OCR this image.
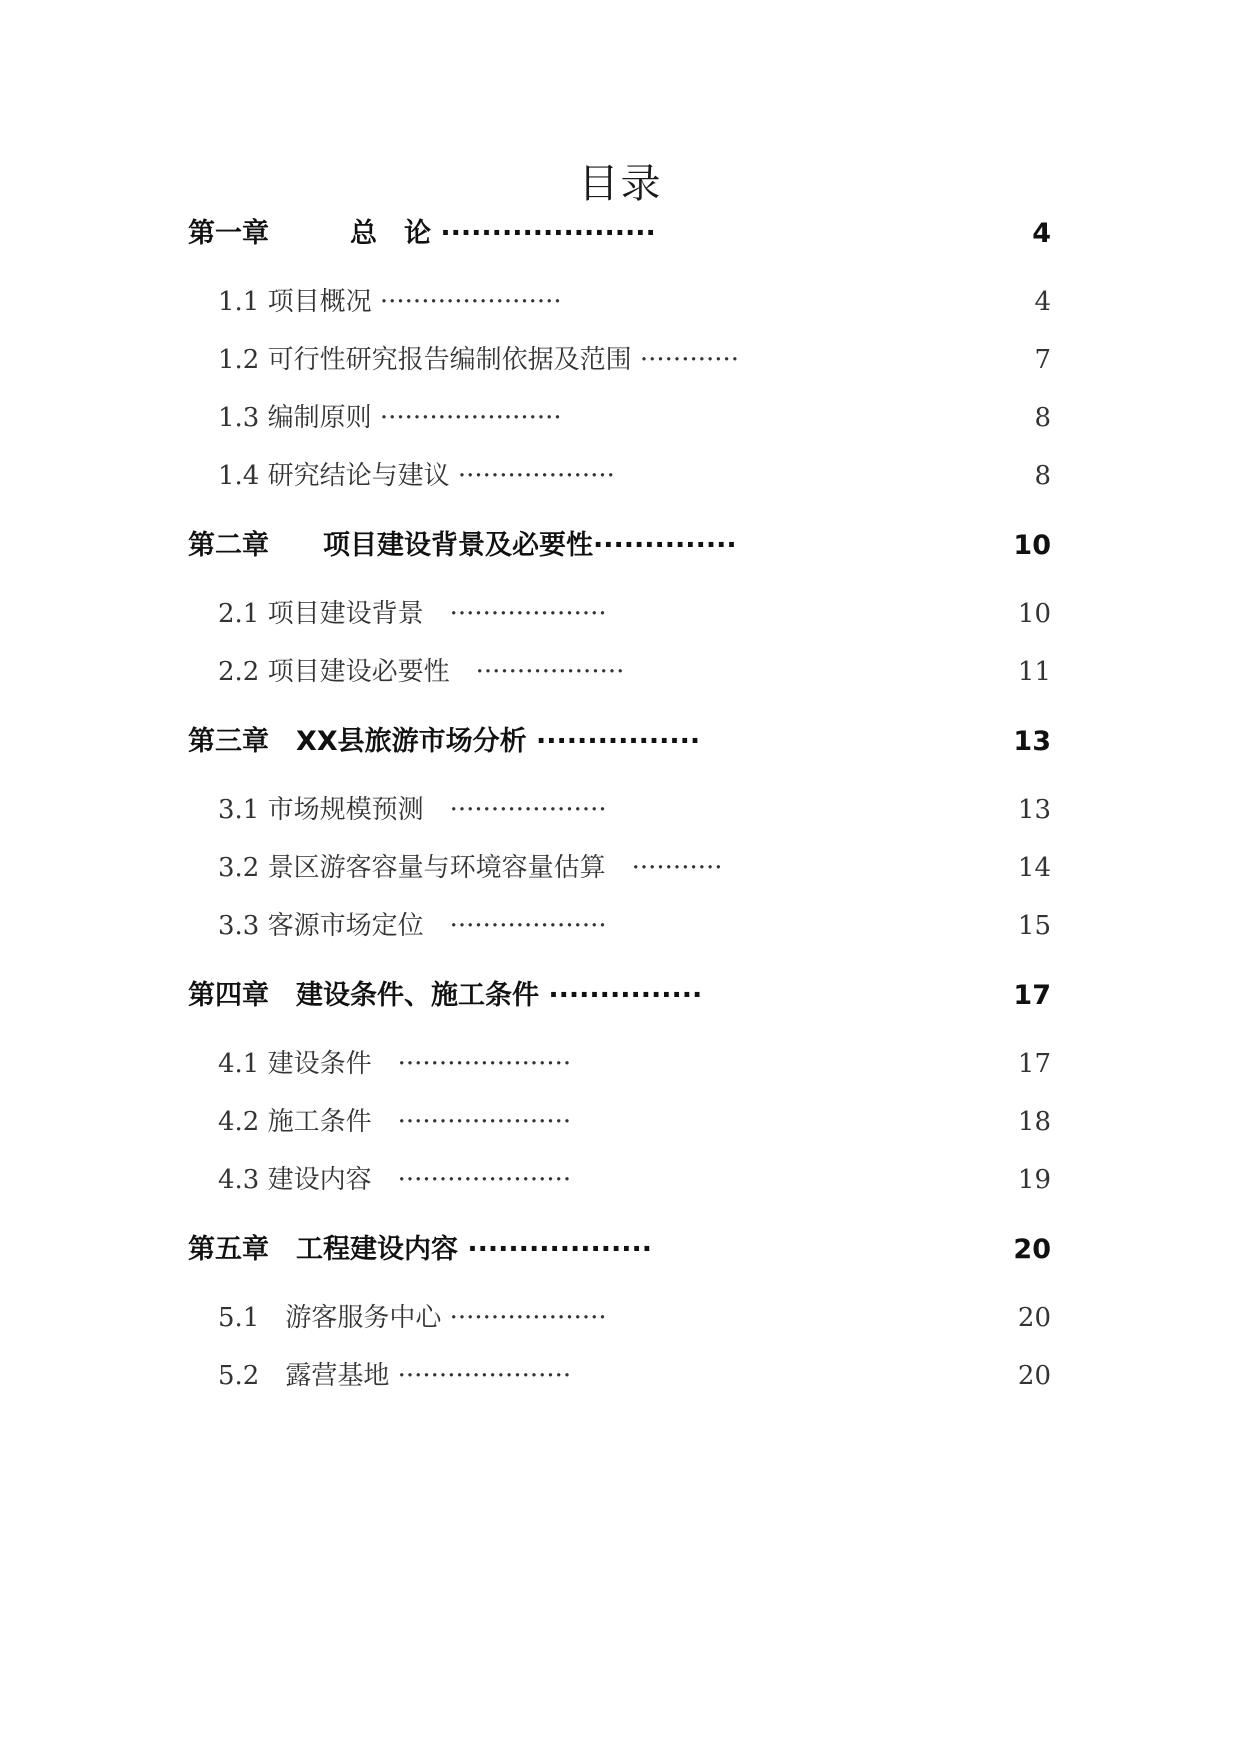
目录
第一章　　　总　论 ·····················	4
1.1 项目概况 ······················	4
1.2 可行性研究报告编制依据及范围 ············	7
1.3 编制原则 ······················	8
1.4 研究结论与建议 ···················	8
第二章　　项目建设背景及必要性··············	10
2.1 项目建设背景　···················	10
2.2 项目建设必要性　··················	11
第三章　XX县旅游市场分析 ················	13
3.1 市场规模预测　···················	13
3.2 景区游客容量与环境容量估算　···········	14
3.3 客源市场定位　···················	15
第四章　建设条件、施工条件 ···············	17
4.1 建设条件　·····················	17
4.2 施工条件　·····················	18
4.3 建设内容　·····················	19
第五章　工程建设内容 ··················	20
5.1　游客服务中心 ···················	20
5.2　露营基地 ·····················	20
